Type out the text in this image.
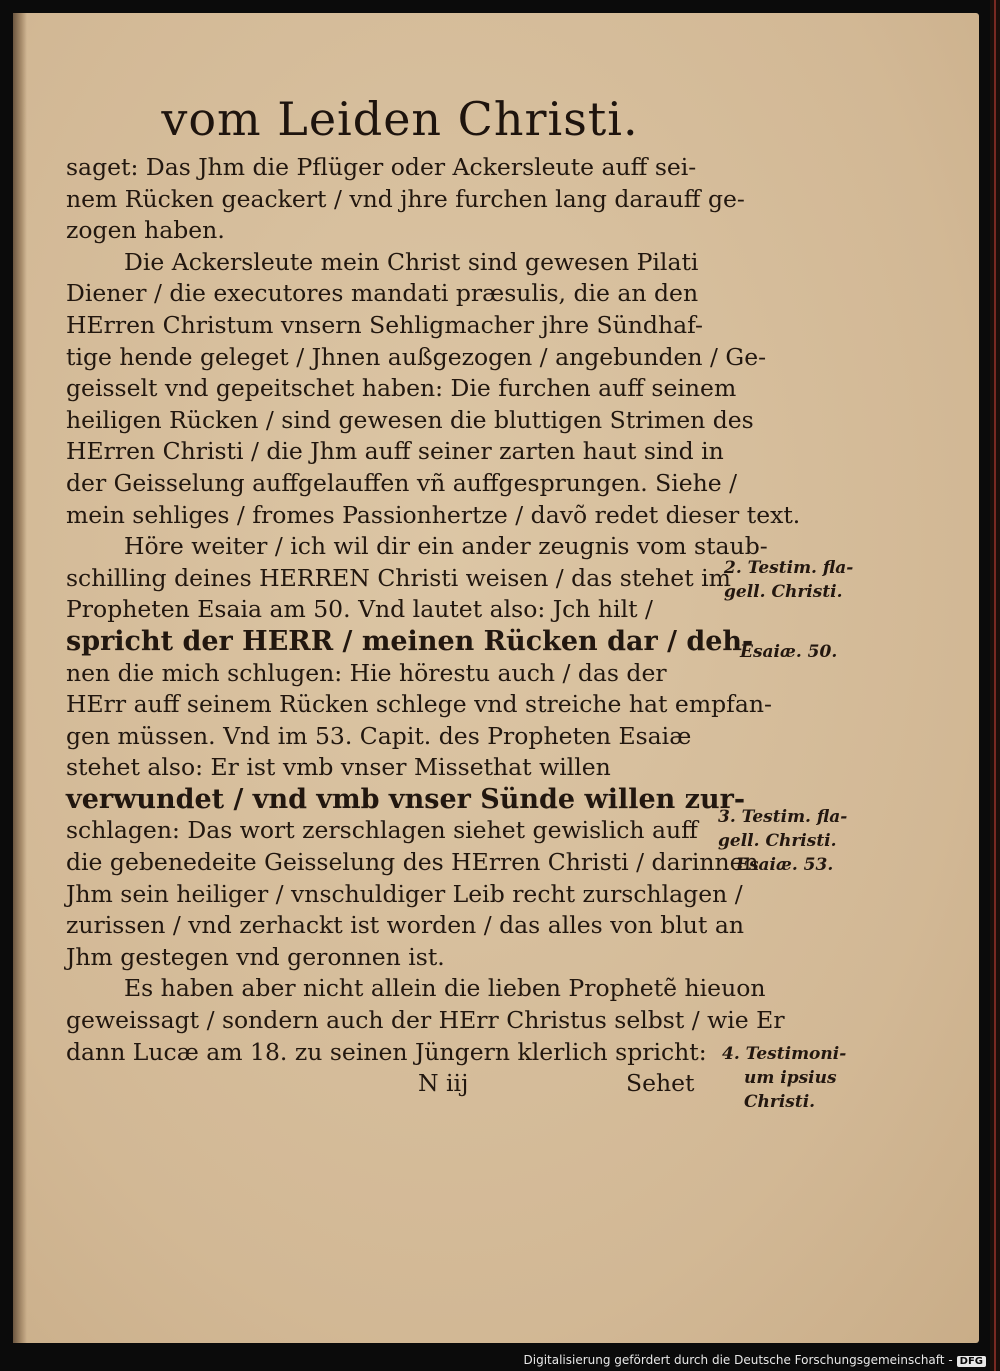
vom Leiden Christi.
saget: Das Jhm die Pflüger oder Ackersleute auff sei-
nem Rücken geackert / vnd jhre furchen lang darauff ge-
zogen haben.
Die Ackersleute mein Christ sind gewesen Pilati
Diener / die executores mandati præsulis, die an den
HErren Christum vnsern Sehligmacher jhre Sündhaf-
tige hende geleget / Jhnen außgezogen / angebunden / Ge-
geisselt vnd gepeitschet haben: Die furchen auff seinem
heiligen Rücken / sind gewesen die bluttigen Strimen des
HErren Christi / die Jhm auff seiner zarten haut sind in
der Geisselung auffgelauffen vñ auffgesprungen. Siehe /
mein sehliges / fromes Passionhertze / davõ redet dieser text.
Höre weiter / ich wil dir ein ander zeugnis vom staub-
schilling deines HERREN Christi weisen / das stehet im
Propheten Esaia am 50. Vnd lautet also: Jch hilt /
spricht der HERR / meinen Rücken dar / deh-
nen die mich schlugen: Hie hörestu auch / das der
HErr auff seinem Rücken schlege vnd streiche hat empfan-
gen müssen. Vnd im 53. Capit. des Propheten Esaiæ
stehet also: Er ist vmb vnser Missethat willen
verwundet / vnd vmb vnser Sünde willen zur-
schlagen: Das wort zerschlagen siehet gewislich auff
die gebenedeite Geisselung des HErren Christi / darinnen
Jhm sein heiliger / vnschuldiger Leib recht zurschlagen /
zurissen / vnd zerhackt ist worden / das alles von blut an
Jhm gestegen vnd geronnen ist.
Es haben aber nicht allein die lieben Prophetẽ hieuon
geweissagt / sondern auch der HErr Christus selbst / wie Er
dann Lucæ am 18. zu seinen Jüngern klerlich spricht:
N iij	Sehet
2. Testim. fla-
gell. Christi.
Esaiæ. 50.
3. Testim. fla-
gell. Christi.
Esaiæ. 53.
4. Testimoni-
um ipsius
Christi.
Digitalisierung gefördert durch die Deutsche Forschungsgemeinschaft - DFG
